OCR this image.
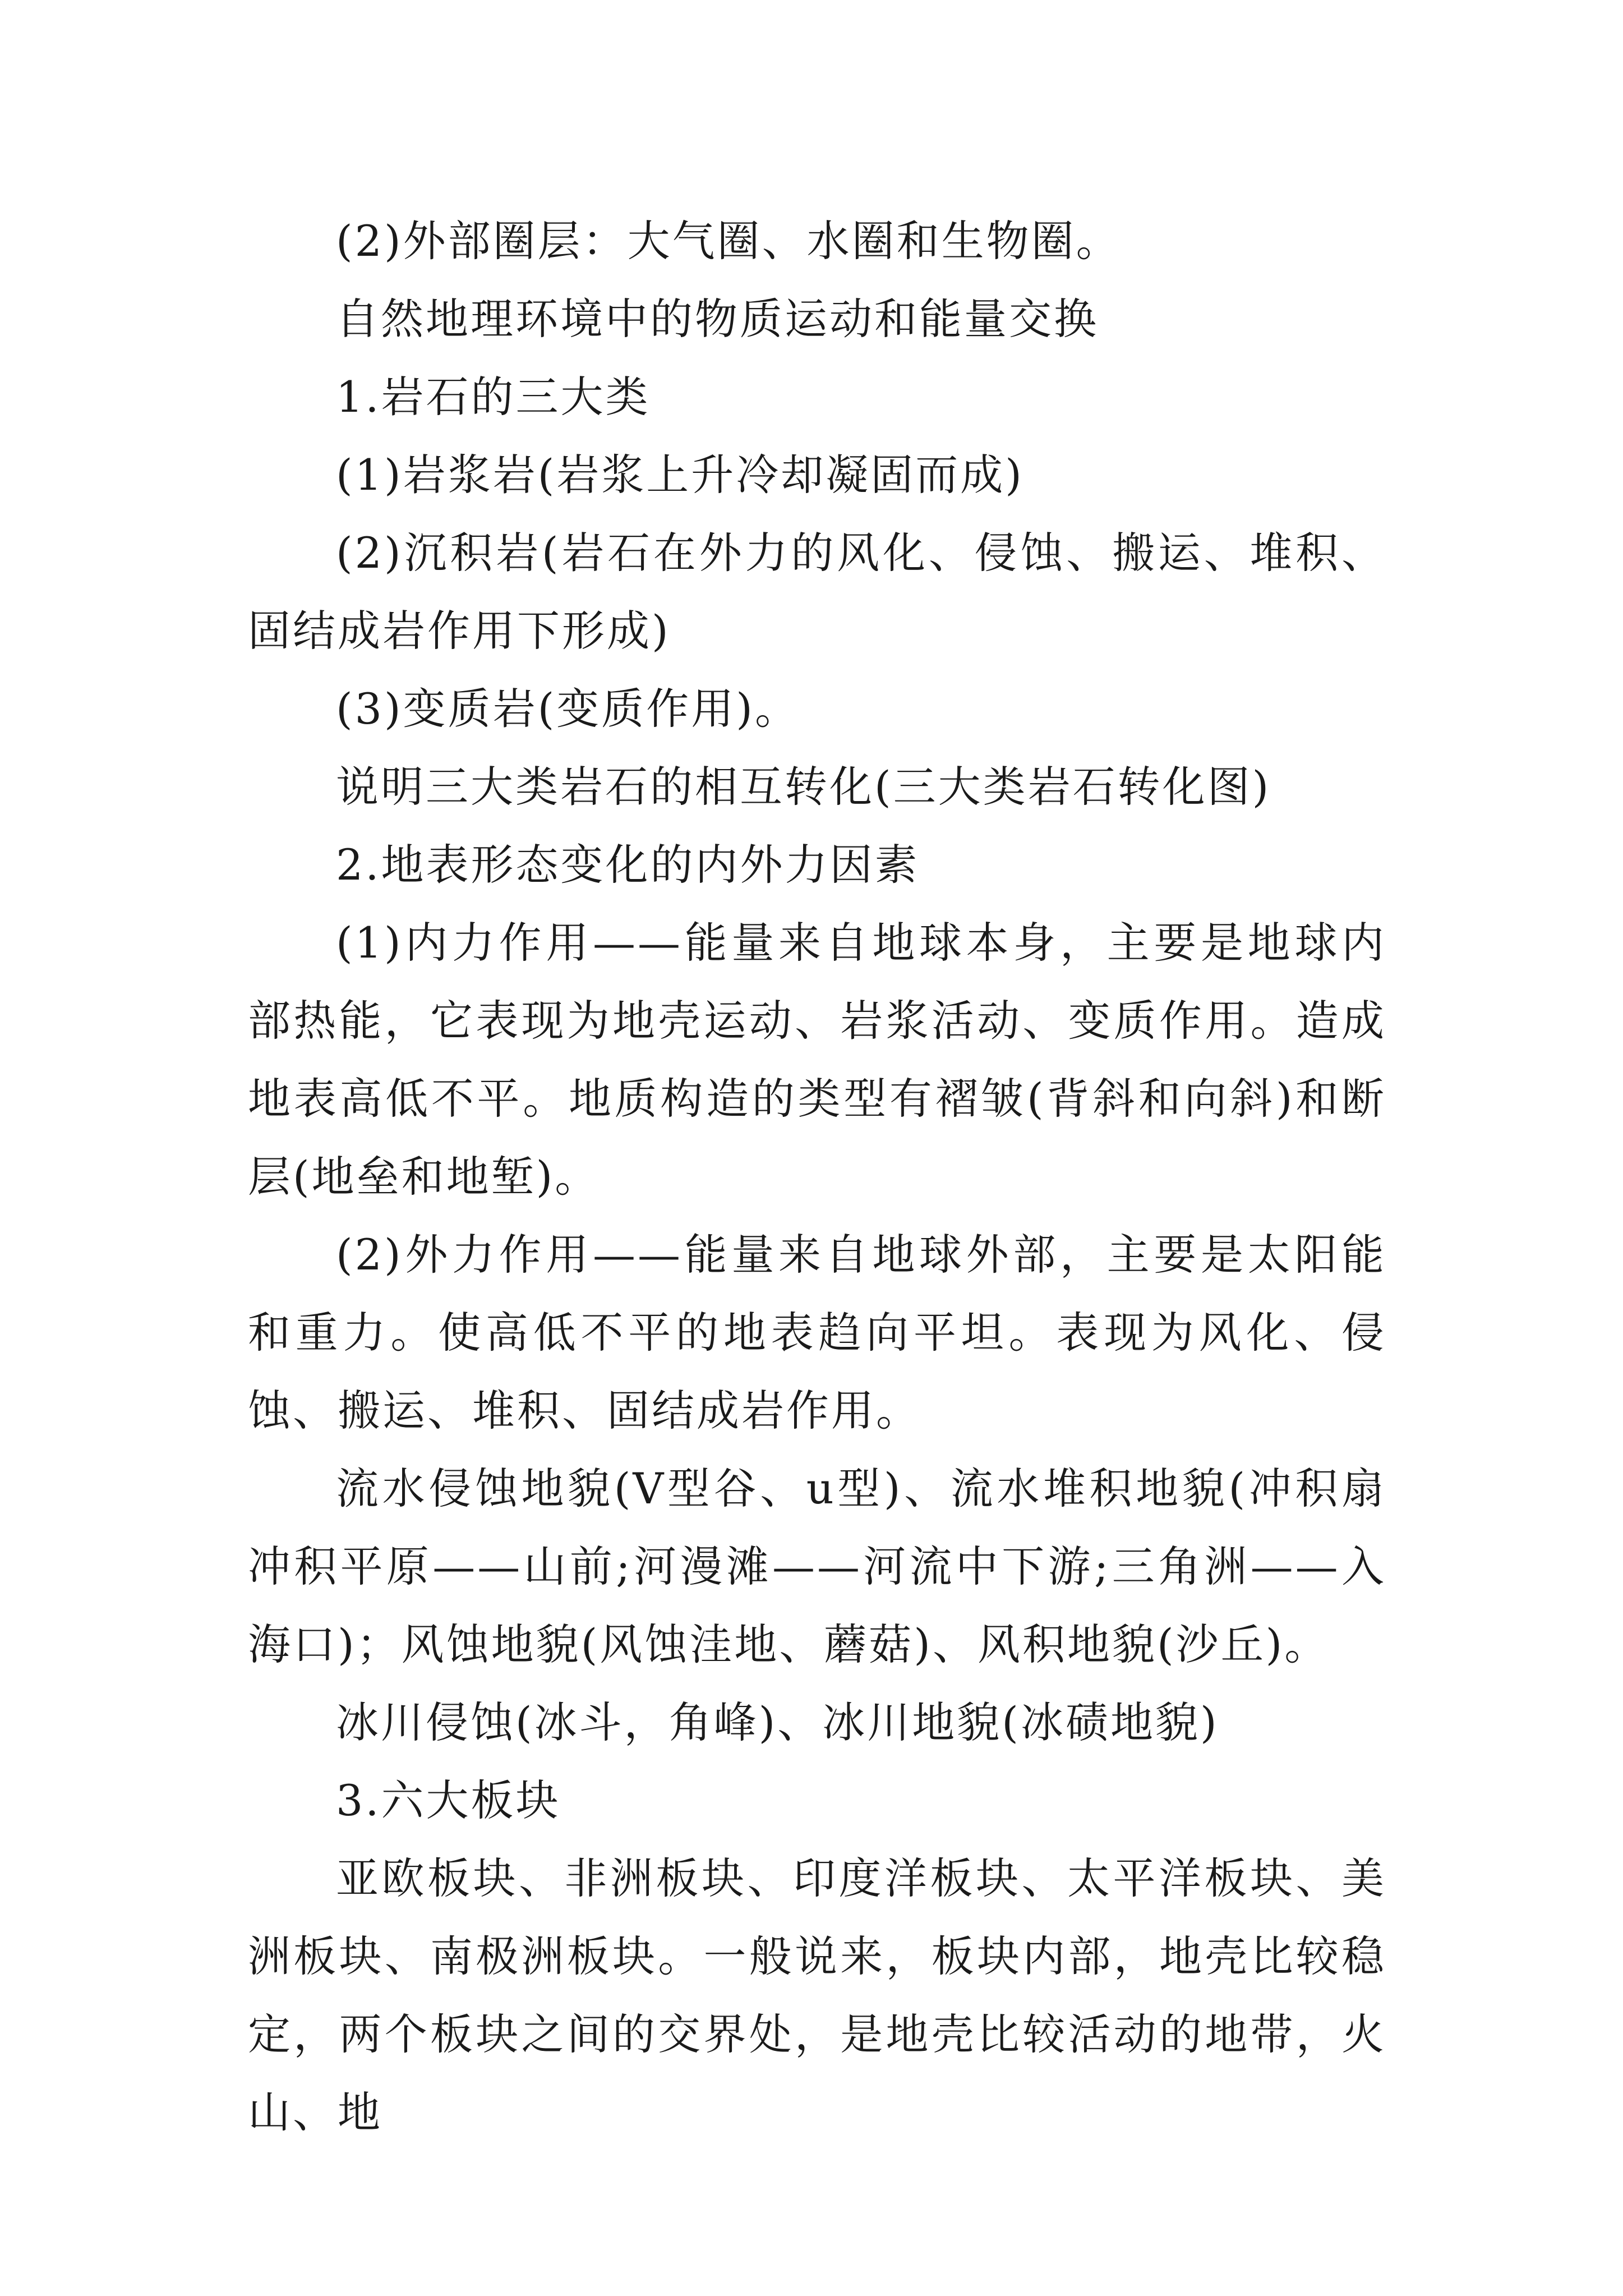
(2)外部圈层：大气圈、水圈和生物圈。

自然地理环境中的物质运动和能量交换

1.岩石的三大类

(1)岩浆岩(岩浆上升冷却凝固而成)

(2)沉积岩(岩石在外力的风化、侵蚀、搬运、堆积、固结成岩作用下形成)

(3)变质岩(变质作用)。

说明三大类岩石的相互转化(三大类岩石转化图)

2.地表形态变化的内外力因素

(1)内力作用——能量来自地球本身，主要是地球内部热能，它表现为地壳运动、岩浆活动、变质作用。造成地表高低不平。地质构造的类型有褶皱(背斜和向斜)和断层(地垒和地堑)。

(2)外力作用——能量来自地球外部，主要是太阳能和重力。使高低不平的地表趋向平坦。表现为风化、侵蚀、搬运、堆积、固结成岩作用。

流水侵蚀地貌(V型谷、u型)、流水堆积地貌(冲积扇冲积平原——山前;河漫滩——河流中下游;三角洲——入海口)；风蚀地貌(风蚀洼地、蘑菇)、风积地貌(沙丘)。

冰川侵蚀(冰斗，角峰)、冰川地貌(冰碛地貌)

3.六大板块

亚欧板块、非洲板块、印度洋板块、太平洋板块、美洲板块、南极洲板块。一般说来，板块内部，地壳比较稳定，两个板块之间的交界处，是地壳比较活动的地带，火山、地
